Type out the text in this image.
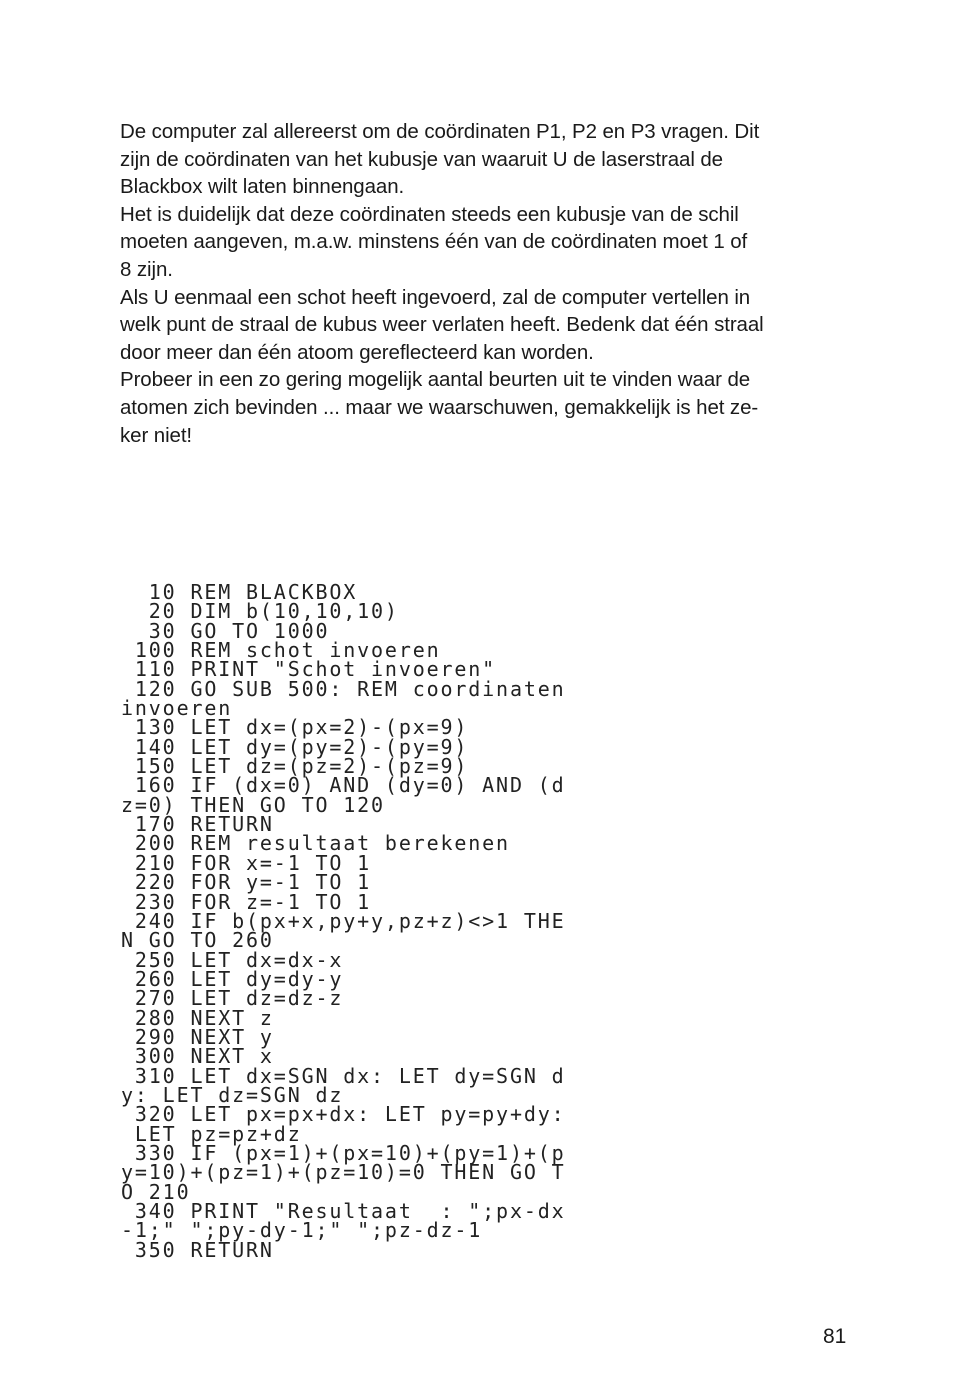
De computer zal allereerst om de coördinaten P1, P2 en P3 vragen. Dit
zijn de coördinaten van het kubusje van waaruit U de laserstraal de
Blackbox wilt laten binnengaan.
Het is duidelijk dat deze coördinaten steeds een kubusje van de schil
moeten aangeven, m.a.w. minstens één van de coördinaten moet 1 of
8 zijn.
Als U eenmaal een schot heeft ingevoerd, zal de computer vertellen in
welk punt de straal de kubus weer verlaten heeft. Bedenk dat één straal
door meer dan één atoom gereflecteerd kan worden.
Probeer in een zo gering mogelijk aantal beurten uit te vinden waar de
atomen zich bevinden ... maar we waarschuwen, gemakkelijk is het ze-
ker niet!
10 REM BLACKBOX
20 DIM b(10,10,10)
30 GO TO 1000
100 REM schot invoeren
110 PRINT "Schot invoeren"
120 GO SUB 500: REM coordinaten
invoeren
130 LET dx=(px=2)-(px=9)
140 LET dy=(py=2)-(py=9)
150 LET dz=(pz=2)-(pz=9)
160 IF (dx=0) AND (dy=0) AND (d
z=0) THEN GO TO 120
170 RETURN
200 REM resultaat berekenen
210 FOR x=-1 TO 1
220 FOR y=-1 TO 1
230 FOR z=-1 TO 1
240 IF b(px+x,py+y,pz+z)<>1 THE
N GO TO 260
250 LET dx=dx-x
260 LET dy=dy-y
270 LET dz=dz-z
280 NEXT z
290 NEXT y
300 NEXT x
310 LET dx=SGN dx: LET dy=SGN d
y: LET dz=SGN dz
320 LET px=px+dx: LET py=py+dy:
LET pz=pz+dz
330 IF (px=1)+(px=10)+(py=1)+(p
y=10)+(pz=1)+(pz=10)=0 THEN GO T
O 210
340 PRINT "Resultaat  : ";px-dx
-1;" ";py-dy-1;" ";pz-dz-1
350 RETURN
81
